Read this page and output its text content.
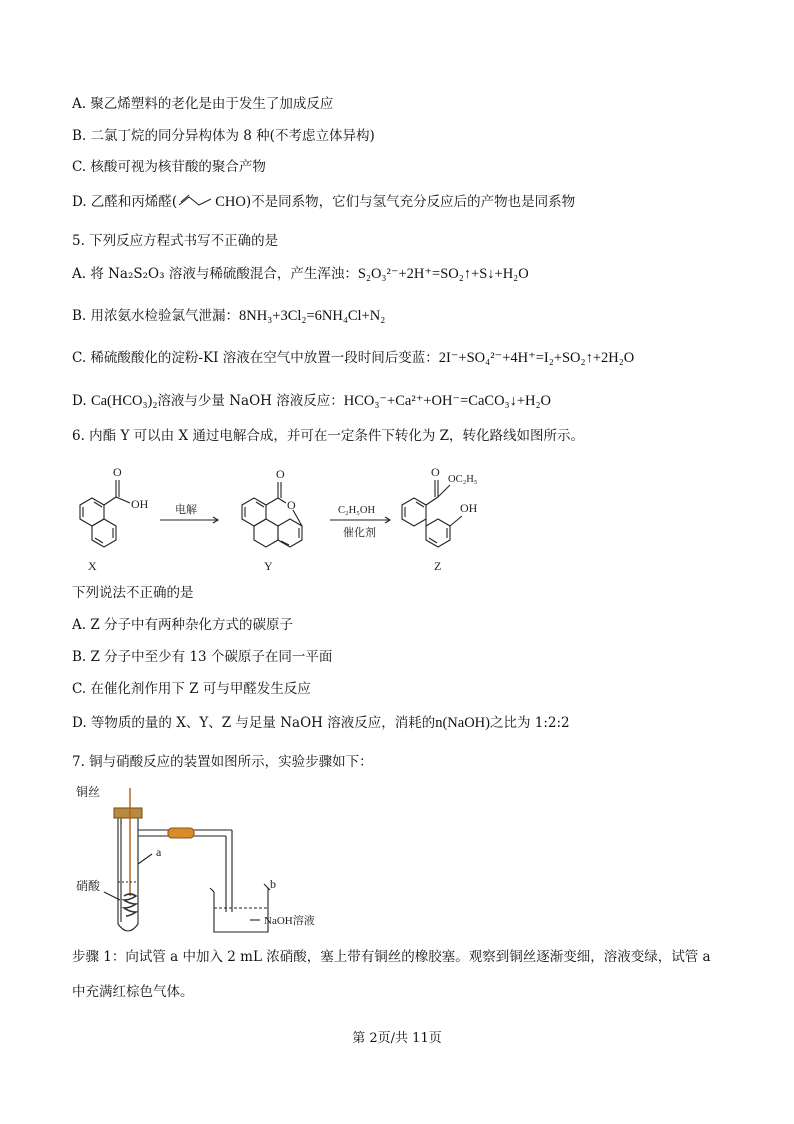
A. 聚乙烯塑料的老化是由于发生了加成反应
B. 二氯丁烷的同分异构体为 8 种(不考虑立体异构)
C. 核酸可视为核苷酸的聚合产物
D. 乙醛和丙烯醛(	CHO)不是同系物，它们与氢气充分反应后的产物也是同系物
5. 下列反应方程式书写不正确的是
A. 将 Na₂S₂O₃ 溶液与稀硫酸混合，产生浑浊：S₂O₃²⁻+2H⁺=SO₂↑+S↓+H₂O
B. 用浓氨水检验氯气泄漏：8NH₃+3Cl₂=6NH₄Cl+N₂
C. 稀硫酸酸化的淀粉-KI 溶液在空气中放置一段时间后变蓝：2I⁻+SO₄²⁻+4H⁺=I₂+SO₂↑+2H₂O
D. Ca(HCO₃)₂溶液与少量 NaOH 溶液反应：HCO₃⁻+Ca²⁺+OH⁻=CaCO₃↓+H₂O
6. 内酯 Y 可以由 X 通过电解合成，并可在一定条件下转化为 Z，转化路线如图所示。
O
OH 电解
O
O	C₂H₅OH
催化剂
O
OC₂H₅
OH
X	Y	Z
下列说法不正确的是
A. Z 分子中有两种杂化方式的碳原子
B. Z 分子中至少有 13 个碳原子在同一平面
C. 在催化剂作用下 Z 可与甲醛发生反应
D. 等物质的量的 X、Y、Z 与足量 NaOH 溶液反应，消耗的n(NaOH)之比为 1:2:2
7. 铜与硝酸反应的装置如图所示，实验步骤如下：
铜丝
a
硝酸	b
NaOH溶液
步骤 1：向试管 a 中加入 2 mL 浓硝酸，塞上带有铜丝的橡胶塞。观察到铜丝逐渐变细，溶液变绿，试管 a
中充满红棕色气体。
第 2页/共 11页
